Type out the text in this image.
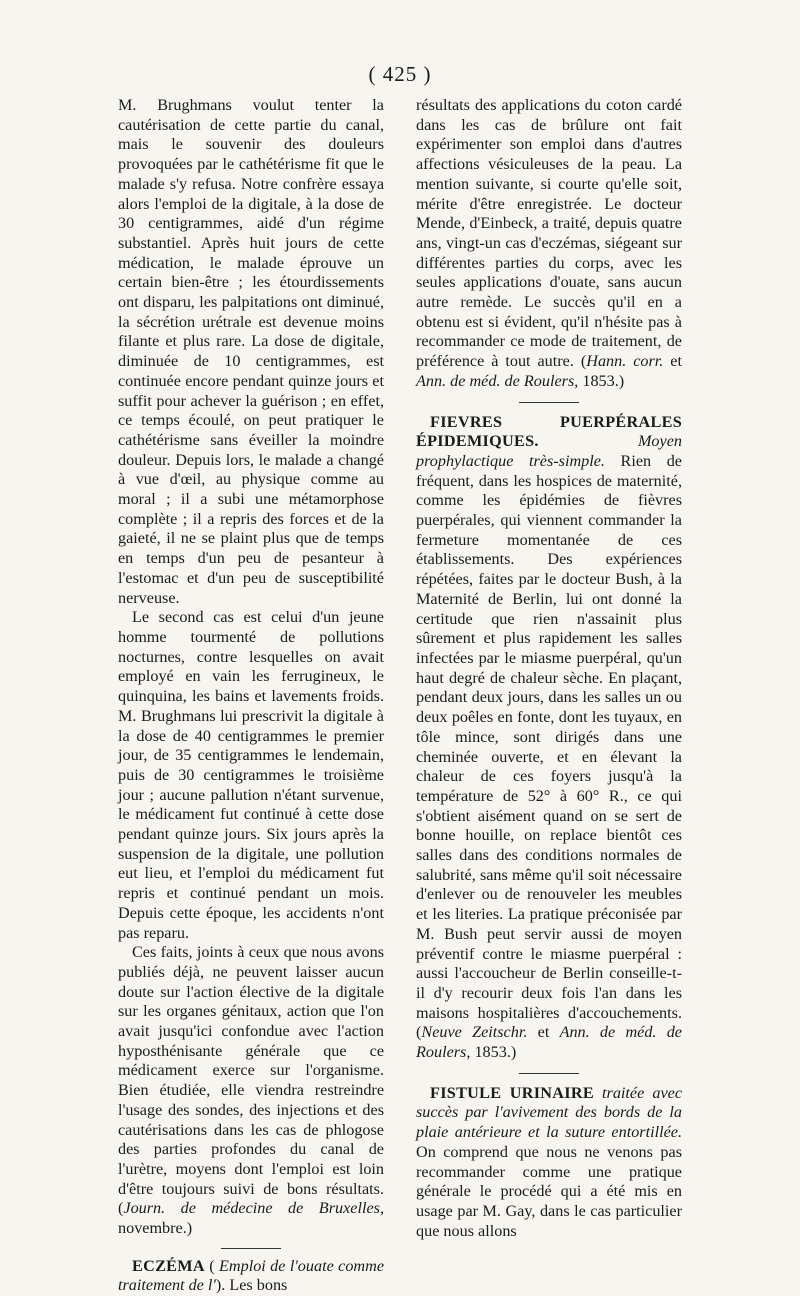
( 425 )

M. Brughmans voulut tenter la cautérisation de cette partie du canal, mais le souvenir des douleurs provoquées par le cathétérisme fit que le malade s'y refusa. Notre confrère essaya alors l'emploi de la digitale, à la dose de 30 centigrammes, aidé d'un régime substantiel. Après huit jours de cette médication, le malade éprouve un certain bien-être ; les étourdissements ont disparu, les palpitations ont diminué, la sécrétion urétrale est devenue moins filante et plus rare. La dose de digitale, diminuée de 10 centigrammes, est continuée encore pendant quinze jours et suffit pour achever la guérison ; en effet, ce temps écoulé, on peut pratiquer le cathétérisme sans éveiller la moindre douleur. Depuis lors, le malade a changé à vue d'œil, au physique comme au moral ; il a subi une métamorphose complète ; il a repris des forces et de la gaieté, il ne se plaint plus que de temps en temps d'un peu de pesanteur à l'estomac et d'un peu de susceptibilité nerveuse.

Le second cas est celui d'un jeune homme tourmenté de pollutions nocturnes, contre lesquelles on avait employé en vain les ferrugineux, le quinquina, les bains et lavements froids. M. Brughmans lui prescrivit la digitale à la dose de 40 centigrammes le premier jour, de 35 centigrammes le lendemain, puis de 30 centigrammes le troisième jour ; aucune pallution n'étant survenue, le médicament fut continué à cette dose pendant quinze jours. Six jours après la suspension de la digitale, une pollution eut lieu, et l'emploi du médicament fut repris et continué pendant un mois. Depuis cette époque, les accidents n'ont pas reparu.

Ces faits, joints à ceux que nous avons publiés déjà, ne peuvent laisser aucun doute sur l'action élective de la digitale sur les organes génitaux, action que l'on avait jusqu'ici confondue avec l'action hyposthénisante générale que ce médicament exerce sur l'organisme. Bien étudiée, elle viendra restreindre l'usage des sondes, des injections et des cautérisations dans les cas de phlogose des parties profondes du canal de l'urètre, moyens dont l'emploi est loin d'être toujours suivi de bons résultats. (Journ. de médecine de Bruxelles, novembre.)

ECZÉMA ( Emploi de l'ouate comme traitement de l'). Les bons

résultats des applications du coton cardé dans les cas de brûlure ont fait expérimenter son emploi dans d'autres affections vésiculeuses de la peau. La mention suivante, si courte qu'elle soit, mérite d'être enregistrée. Le docteur Mende, d'Einbeck, a traité, depuis quatre ans, vingt-un cas d'eczémas, siégeant sur différentes parties du corps, avec les seules applications d'ouate, sans aucun autre remède. Le succès qu'il en a obtenu est si évident, qu'il n'hésite pas à recommander ce mode de traitement, de préférence à tout autre. (Hann. corr. et Ann. de méd. de Roulers, 1853.)

FIEVRES PUERPÉRALES ÉPIDEMIQUES.	Moyen prophylactique très-simple. Rien de fréquent, dans les hospices de maternité, comme les épidémies de fièvres puerpérales, qui viennent commander la fermeture momentanée de ces établissements. Des expériences répétées, faites par le docteur Bush, à la Maternité de Berlin, lui ont donné la certitude que rien n'assainit plus sûrement et plus rapidement les salles infectées par le miasme puerpéral, qu'un haut degré de chaleur sèche. En plaçant, pendant deux jours, dans les salles un ou deux poêles en fonte, dont les tuyaux, en tôle mince, sont dirigés dans une cheminée ouverte, et en élevant la chaleur de ces foyers jusqu'à la température de 52° à 60° R., ce qui s'obtient aisément quand on se sert de bonne houille, on replace bientôt ces salles dans des conditions normales de salubrité, sans même qu'il soit nécessaire d'enlever ou de renouveler les meubles et les literies. La pratique préconisée par M. Bush peut servir aussi de moyen préventif contre le miasme puerpéral : aussi l'accoucheur de Berlin conseille-t-il d'y recourir deux fois l'an dans les maisons hospitalières d'accouchements. (Neuve Zeitschr. et Ann. de méd. de Roulers, 1853.)

FISTULE URINAIRE traitée avec succès par l'avivement des bords de la plaie antérieure et la suture entortillée. On comprend que nous ne venons pas recommander comme une pratique générale le procédé qui a été mis en usage par M. Gay, dans le cas particulier que nous allons
